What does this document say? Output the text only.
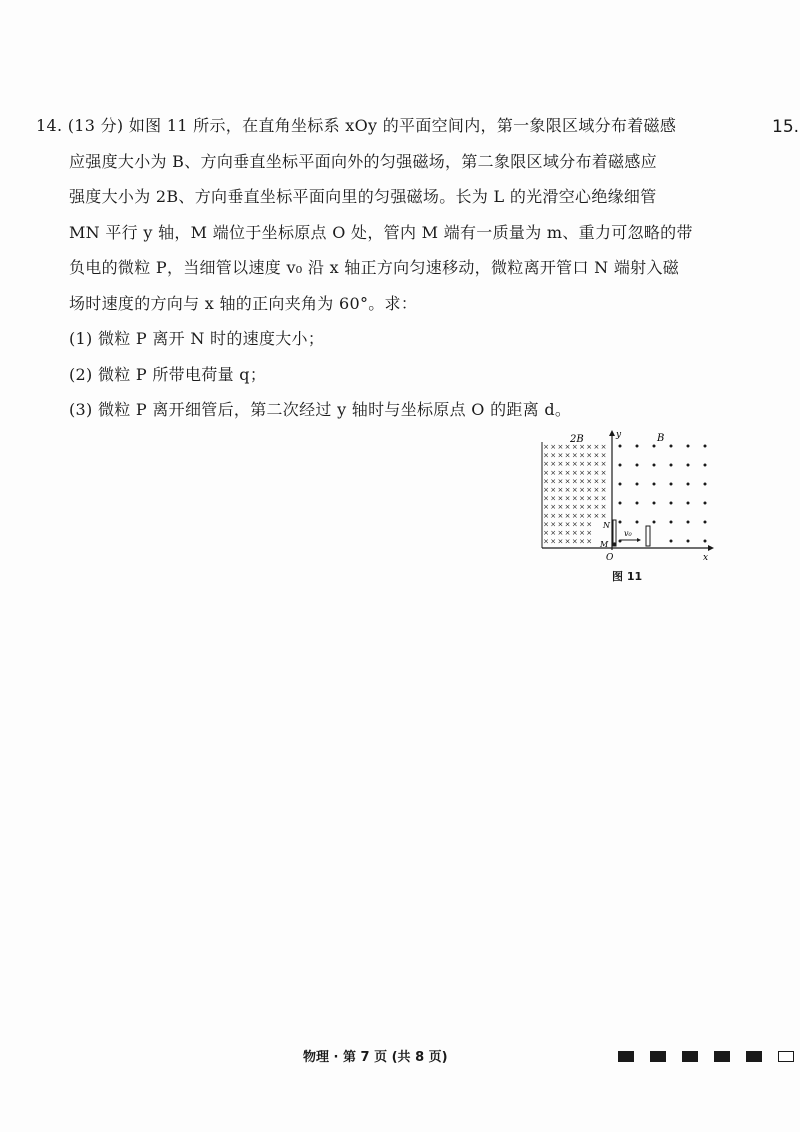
14. (13 分) 如图 11 所示，在直角坐标系 xOy 的平面空间内，第一象限区域分布着磁感
应强度大小为 B、方向垂直坐标平面向外的匀强磁场，第二象限区域分布着磁感应
强度大小为 2B、方向垂直坐标平面向里的匀强磁场。长为 L 的光滑空心绝缘细管
MN 平行 y 轴，M 端位于坐标原点 O 处，管内 M 端有一质量为 m、重力可忽略的带
负电的微粒 P，当细管以速度 v₀ 沿 x 轴正方向匀速移动，微粒离开管口 N 端射入磁
场时速度的方向与 x 轴的正向夹角为 60°。求：
(1) 微粒 P 离开 N 时的速度大小；
(2) 微粒 P 所带电荷量 q；
(3) 微粒 P 离开细管后，第二次经过 y 轴时与坐标原点 O 的距离 d。
15.
× × × × × × × × ×
× × × × × × × × ×
× × × × × × × × ×
× × × × × × × × ×
× × × × × × × × ×
× × × × × × × × ×
× × × × × × × × ×
× × × × × × × × ×
× × × × × × × × ×
× × × × × × ×
× × × × × × ×
× × × × × × ×
2B	B
y
x
O
N
M
v₀
图 11
物理 · 第 7 页 (共 8 页)
